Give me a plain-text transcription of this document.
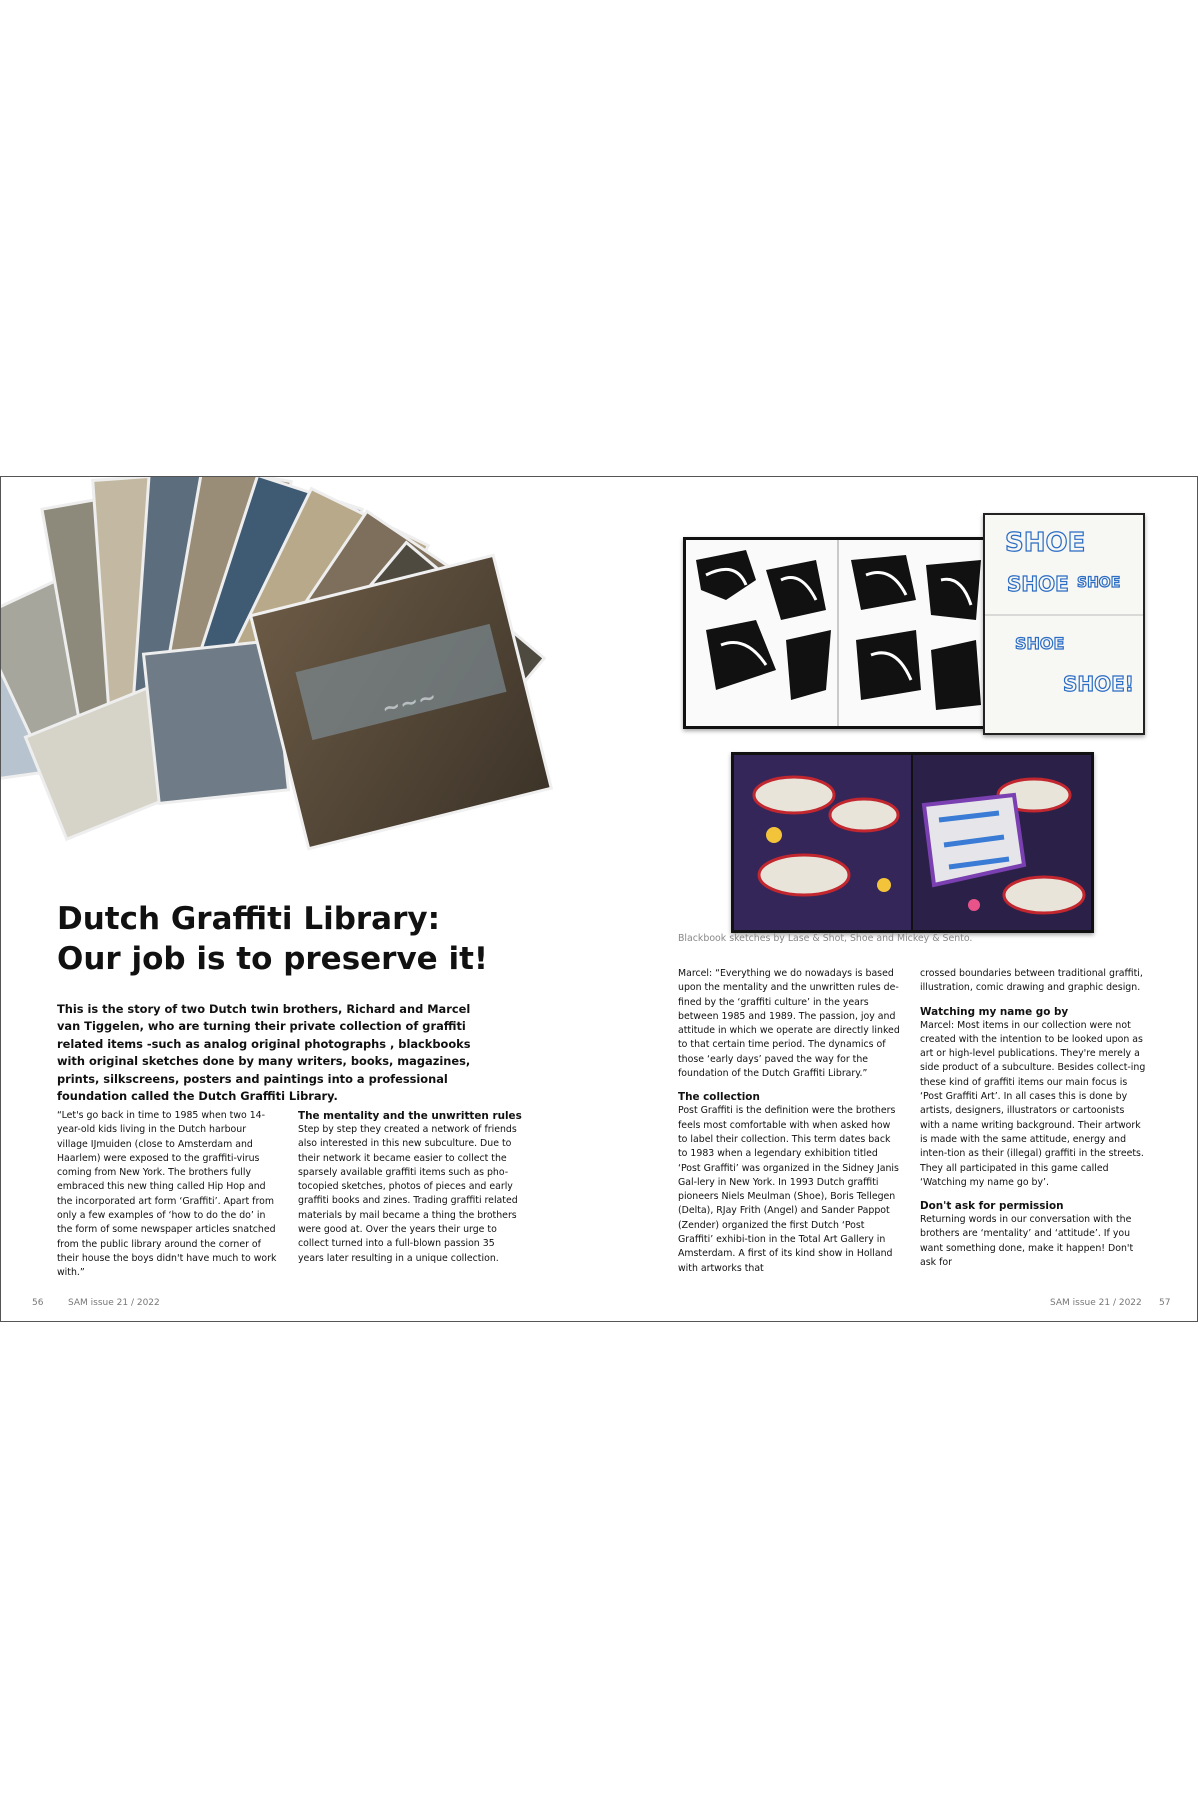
~~~
Dutch Graffiti Library:
Our job is to preserve it!

This is the story of two Dutch twin brothers, Richard and Marcel van Tiggelen, who are turning their private collection of graffiti related items -such as analog original photographs , blackbooks with original sketches done by many writers, books, magazines, prints, silkscreens, posters and paintings into a professional foundation called the Dutch Graffiti Library.

“Let's go back in time to 1985 when two 14-year-old kids living in the Dutch harbour village IJmuiden (close to Amsterdam and Haarlem) were exposed to the graffiti-virus coming from New York. The brothers fully embraced this new thing called Hip Hop and the incorporated art form ‘Graffiti’. Apart from only a few examples of ‘how to do the do’ in the form of some newspaper articles snatched from the public library around the corner of their house the boys didn't have much to work with.”

The mentality and the unwritten rules

Step by step they created a network of friends also interested in this new subculture. Due to their network it became easier to collect the sparsely available graffiti items such as pho-tocopied sketches, photos of pieces and early graffiti books and zines. Trading graffiti related materials by mail became a thing the brothers were good at. Over the years their urge to collect turned into a full-blown passion 35 years later resulting in a unique collection.

56	SAM issue 21 / 2022
SHOE
SHOE SHOE
SHOE
SHOE!

Blackbook sketches by Lase & Shot, Shoe and Mickey & Sento.

Marcel: “Everything we do nowadays is based upon the mentality and the unwritten rules de-fined by the ‘graffiti culture’ in the years between 1985 and 1989. The passion, joy and attitude in which we operate are directly linked to that certain time period. The dynamics of those ‘early days’ paved the way for the foundation of the Dutch Graffiti Library.”

The collection

Post Graffiti is the definition were the brothers feels most comfortable with when asked how to label their collection. This term dates back to 1983 when a legendary exhibition titled ‘Post Graffiti’ was organized in the Sidney Janis Gal-lery in New York. In 1993 Dutch graffiti pioneers Niels Meulman (Shoe), Boris Tellegen (Delta), RJay Frith (Angel) and Sander Pappot (Zender) organized the first Dutch ‘Post Graffiti’ exhibi-tion in the Total Art Gallery in Amsterdam. A first of its kind show in Holland with artworks that

crossed boundaries between traditional graffiti, illustration, comic drawing and graphic design.

Watching my name go by

Marcel: Most items in our collection were not created with the intention to be looked upon as art or high-level publications. They're merely a side product of a subculture. Besides collect-ing these kind of graffiti items our main focus is ‘Post Graffiti Art’. In all cases this is done by artists, designers, illustrators or cartoonists with a name writing background. Their artwork is made with the same attitude, energy and inten-tion as their (illegal) graffiti in the streets. They all participated in this game called ‘Watching my name go by’.

Don't ask for permission

Returning words in our conversation with the brothers are ‘mentality’ and ‘attitude’. If you want something done, make it happen! Don't ask for

SAM issue 21 / 2022 57
